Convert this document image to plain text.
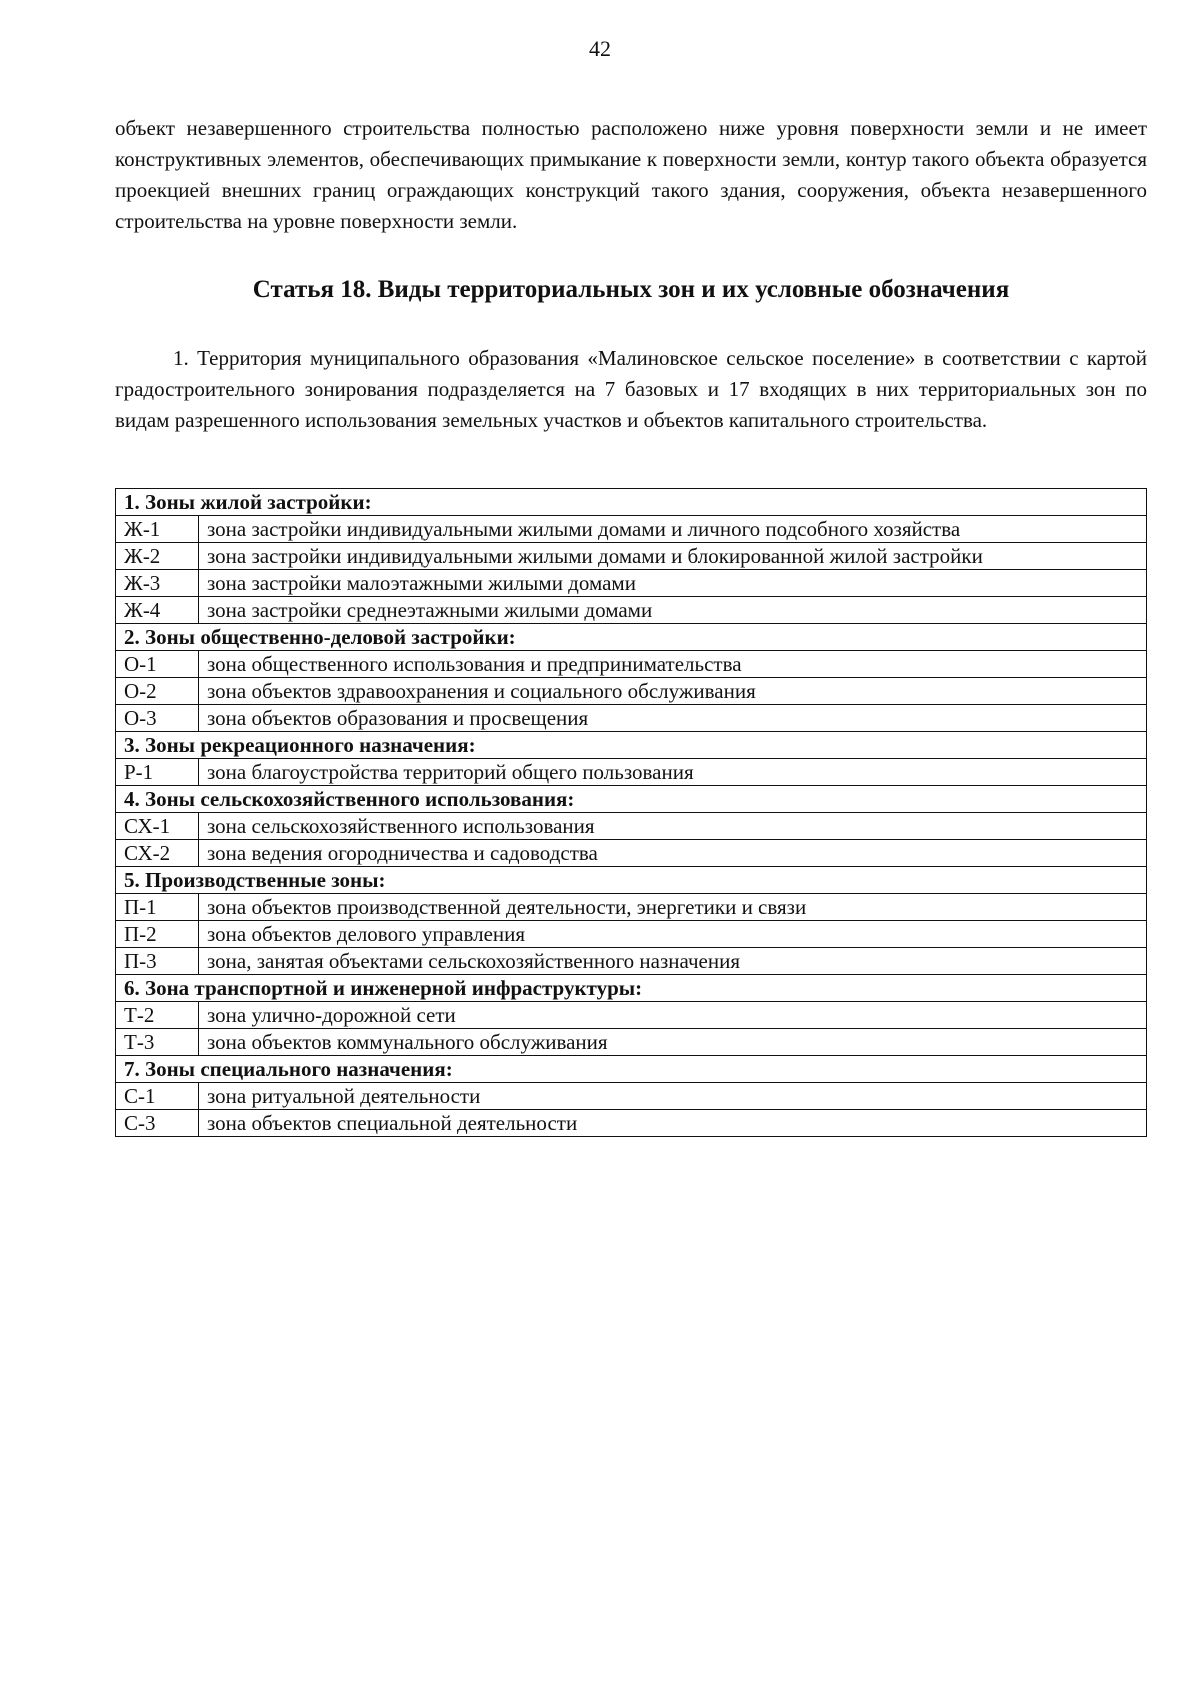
42

объект незавершенного строительства полностью расположено ниже уровня поверхности земли и не имеет конструктивных элементов, обеспечивающих примыкание к поверхности земли, контур такого объекта образуется проекцией внешних границ ограждающих конструкций такого здания, сооружения, объекта незавершенного строительства на уровне поверхности земли.

Статья 18. Виды территориальных зон и их условные обозначения

1. Территория муниципального образования «Малиновское сельское поселение» в соответствии с картой градостроительного зонирования подразделяется на 7 базовых и 17 входящих в них территориальных зон по видам разрешенного использования земельных участков и объектов капитального строительства.

1. Зоны жилой застройки:	
Ж-1	зона застройки индивидуальными жилыми домами и личного подсобного хозяйства
Ж-2	зона застройки индивидуальными жилыми домами и блокированной жилой застройки
Ж-3	зона застройки малоэтажными жилыми домами
Ж-4	зона застройки среднеэтажными жилыми домами
2. Зоны общественно-деловой застройки:	
О-1	зона общественного использования и предпринимательства
О-2	зона объектов здравоохранения и социального обслуживания
О-3	зона объектов образования и просвещения
3. Зоны рекреационного назначения:	
Р-1	зона благоустройства территорий общего пользования
4. Зоны сельскохозяйственного использования:	
СХ-1	зона сельскохозяйственного использования
СХ-2	зона ведения огородничества и садоводства
5. Производственные зоны:	
П-1	зона объектов производственной деятельности, энергетики и связи
П-2	зона объектов делового управления
П-3	зона, занятая объектами сельскохозяйственного назначения
6. Зона транспортной и инженерной инфраструктуры:	
Т-2	зона улично-дорожной сети
Т-3	зона объектов коммунального обслуживания
7. Зоны специального назначения:	
С-1	зона ритуальной деятельности
С-3	зона объектов специальной деятельности
